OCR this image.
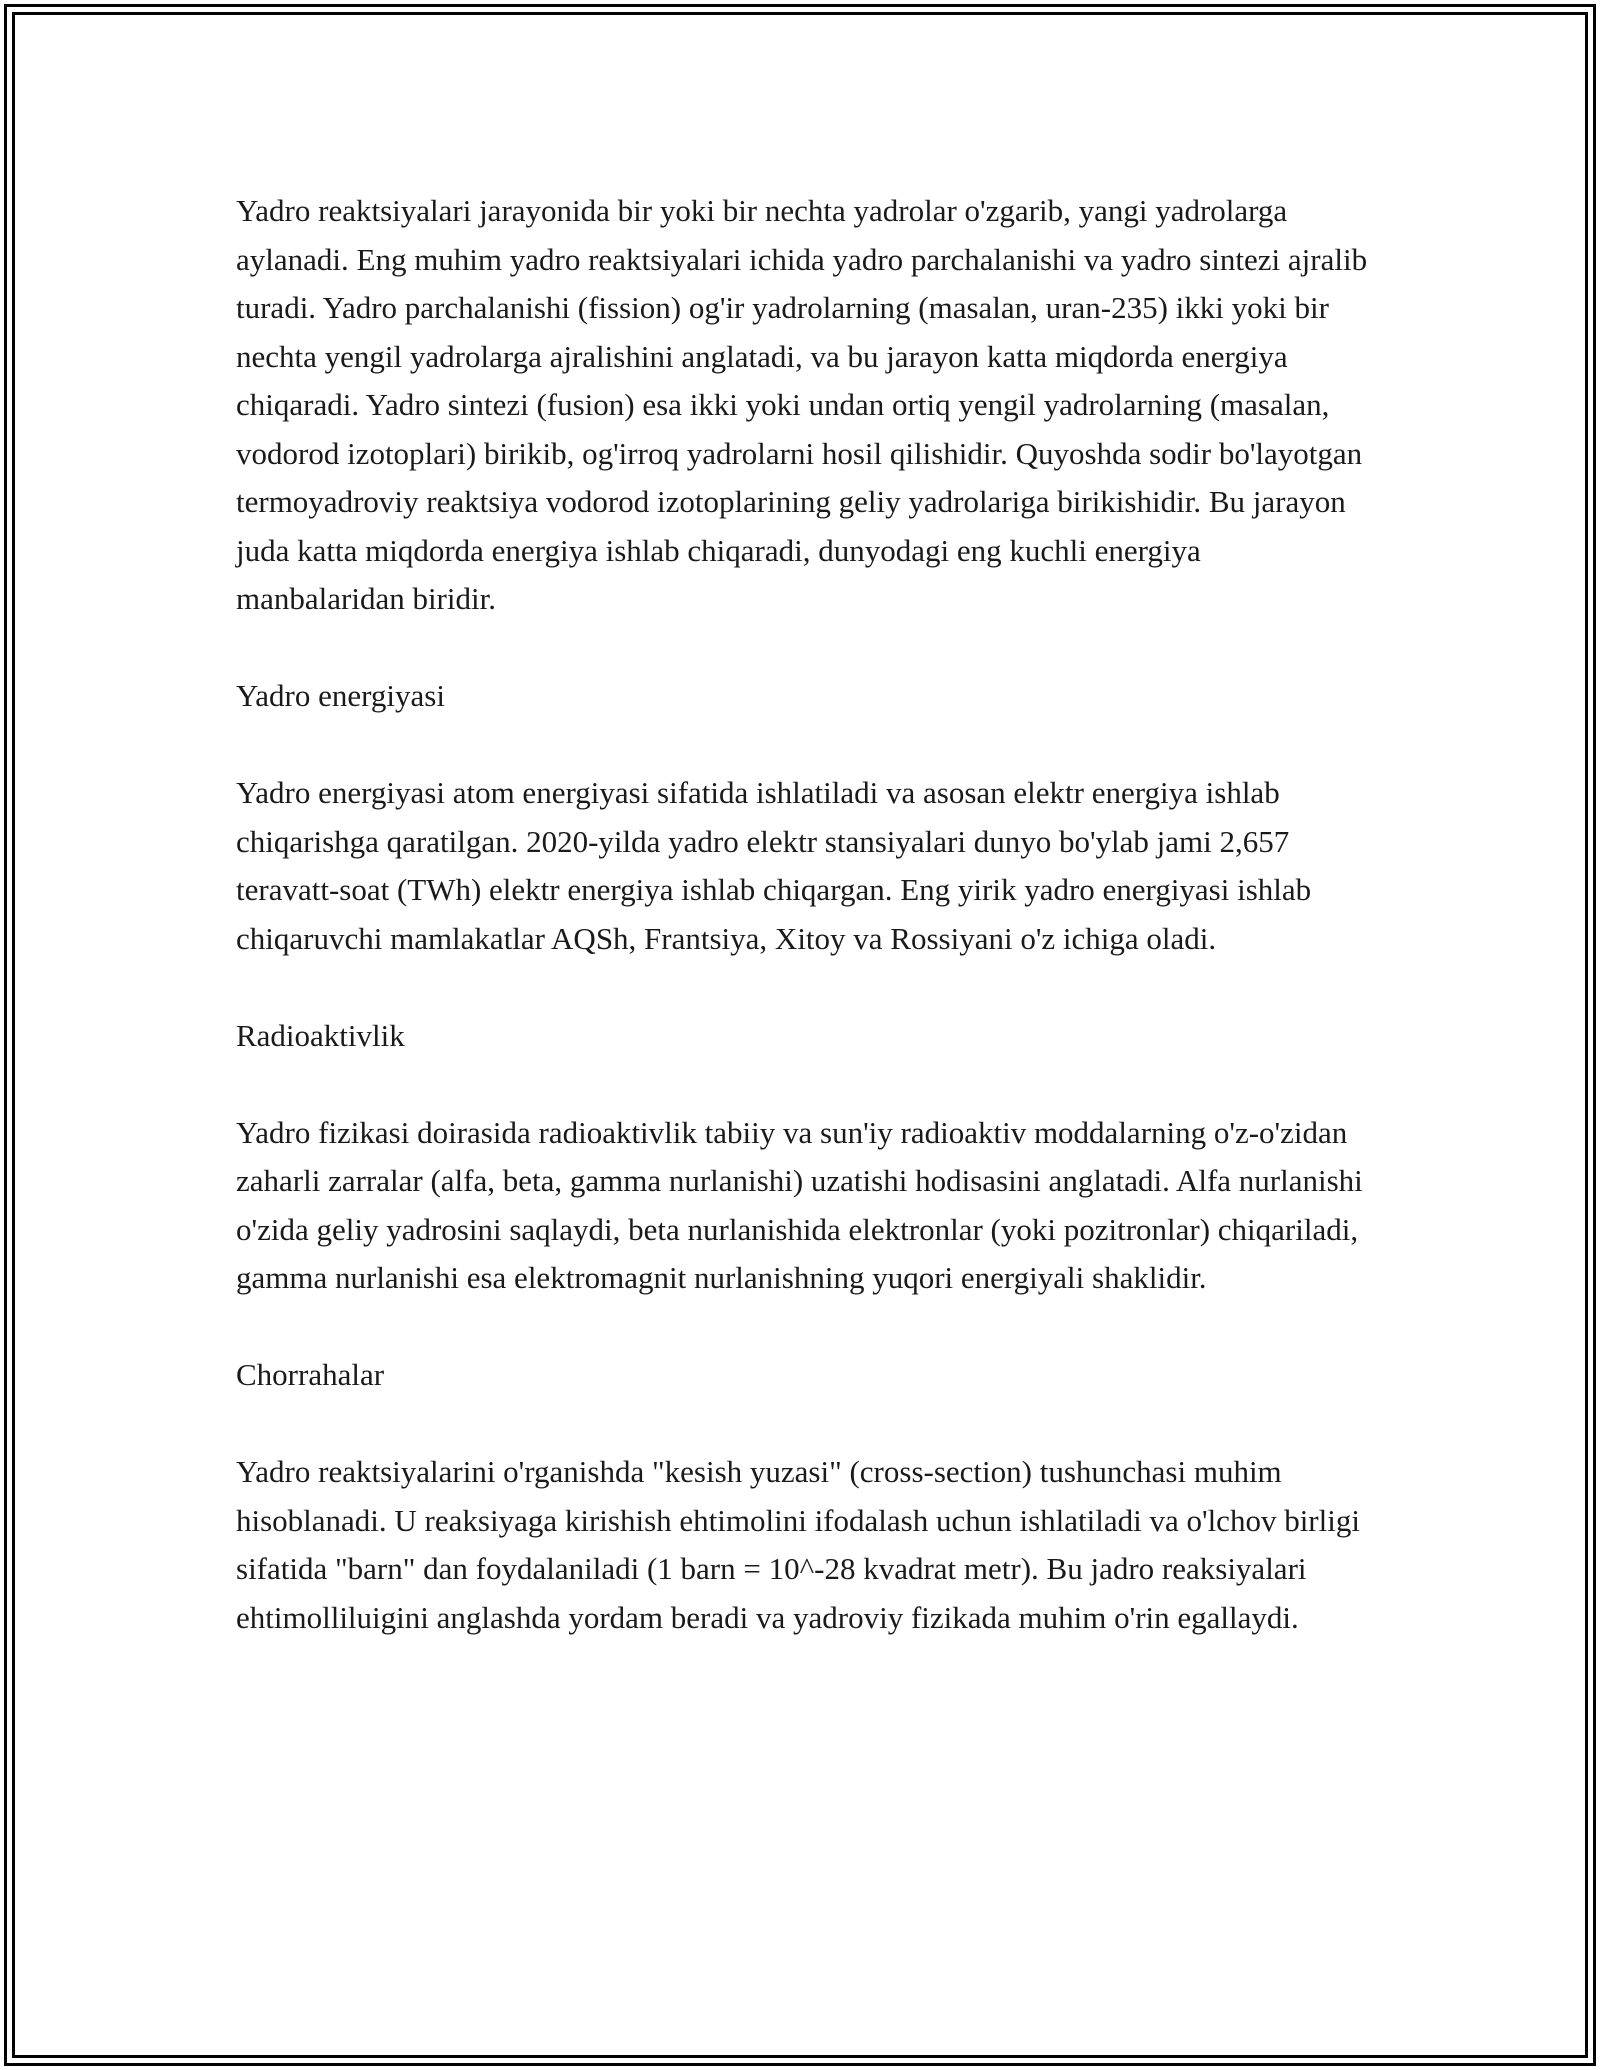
Yadro reaktsiyalari jarayonida bir yoki bir nechta yadrolar o'zgarib, yangi yadrolarga aylanadi. Eng muhim yadro reaktsiyalari ichida yadro parchalanishi va yadro sintezi ajralib turadi. Yadro parchalanishi (fission) og'ir yadrolarning (masalan, uran-235) ikki yoki bir nechta yengil yadrolarga ajralishini anglatadi, va bu jarayon katta miqdorda energiya chiqaradi. Yadro sintezi (fusion) esa ikki yoki undan ortiq yengil yadrolarning (masalan, vodorod izotoplari) birikib, og'irroq yadrolarni hosil qilishidir. Quyoshda sodir bo'layotgan termoyadroviy reaktsiya vodorod izotoplarining geliy yadrolariga birikishidir. Bu jarayon juda katta miqdorda energiya ishlab chiqaradi, dunyodagi eng kuchli energiya manbalaridan biridir.

Yadro energiyasi

Yadro energiyasi atom energiyasi sifatida ishlatiladi va asosan elektr energiya ishlab chiqarishga qaratilgan. 2020-yilda yadro elektr stansiyalari dunyo bo'ylab jami 2,657 teravatt-soat (TWh) elektr energiya ishlab chiqargan. Eng yirik yadro energiyasi ishlab chiqaruvchi mamlakatlar AQSh, Frantsiya, Xitoy va Rossiyani o'z ichiga oladi.

Radioaktivlik

Yadro fizikasi doirasida radioaktivlik tabiiy va sun'iy radioaktiv moddalarning o'z-o'zidan zaharli zarralar (alfa, beta, gamma nurlanishi) uzatishi hodisasini anglatadi. Alfa nurlanishi o'zida geliy yadrosini saqlaydi, beta nurlanishida elektronlar (yoki pozitronlar) chiqariladi, gamma nurlanishi esa elektromagnit nurlanishning yuqori energiyali shaklidir.

Chorrahalar

Yadro reaktsiyalarini o'rganishda "kesish yuzasi" (cross-section) tushunchasi muhim hisoblanadi. U reaksiyaga kirishish ehtimolini ifodalash uchun ishlatiladi va o'lchov birligi sifatida "barn" dan foydalaniladi (1 barn = 10^-28 kvadrat metr). Bu jadro reaksiyalari ehtimolliluigini anglashda yordam beradi va yadroviy fizikada muhim o'rin egallaydi.
